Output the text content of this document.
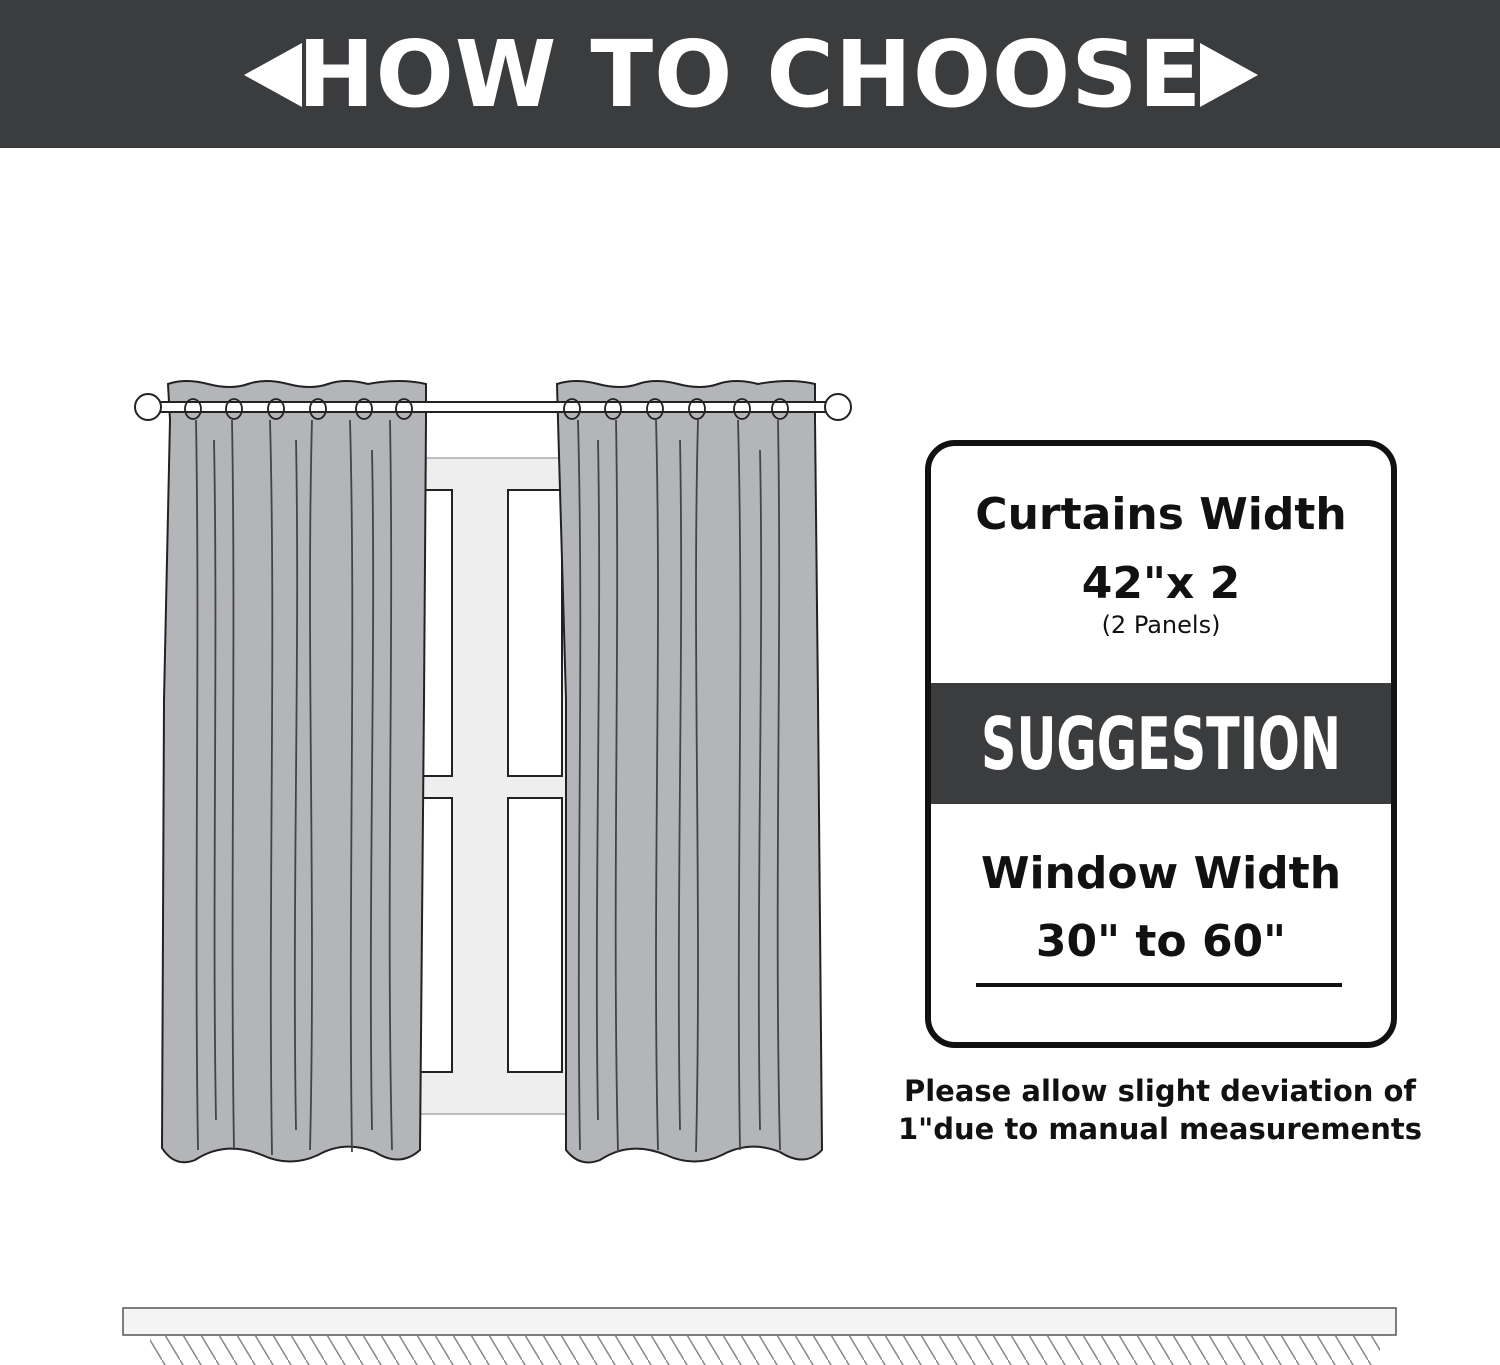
HOW TO CHOOSE
Curtains Width
42"x 2
(2 Panels)
SUGGESTION
Window Width
30" to 60"
Please allow slight deviation of
1"due to manual measurements
